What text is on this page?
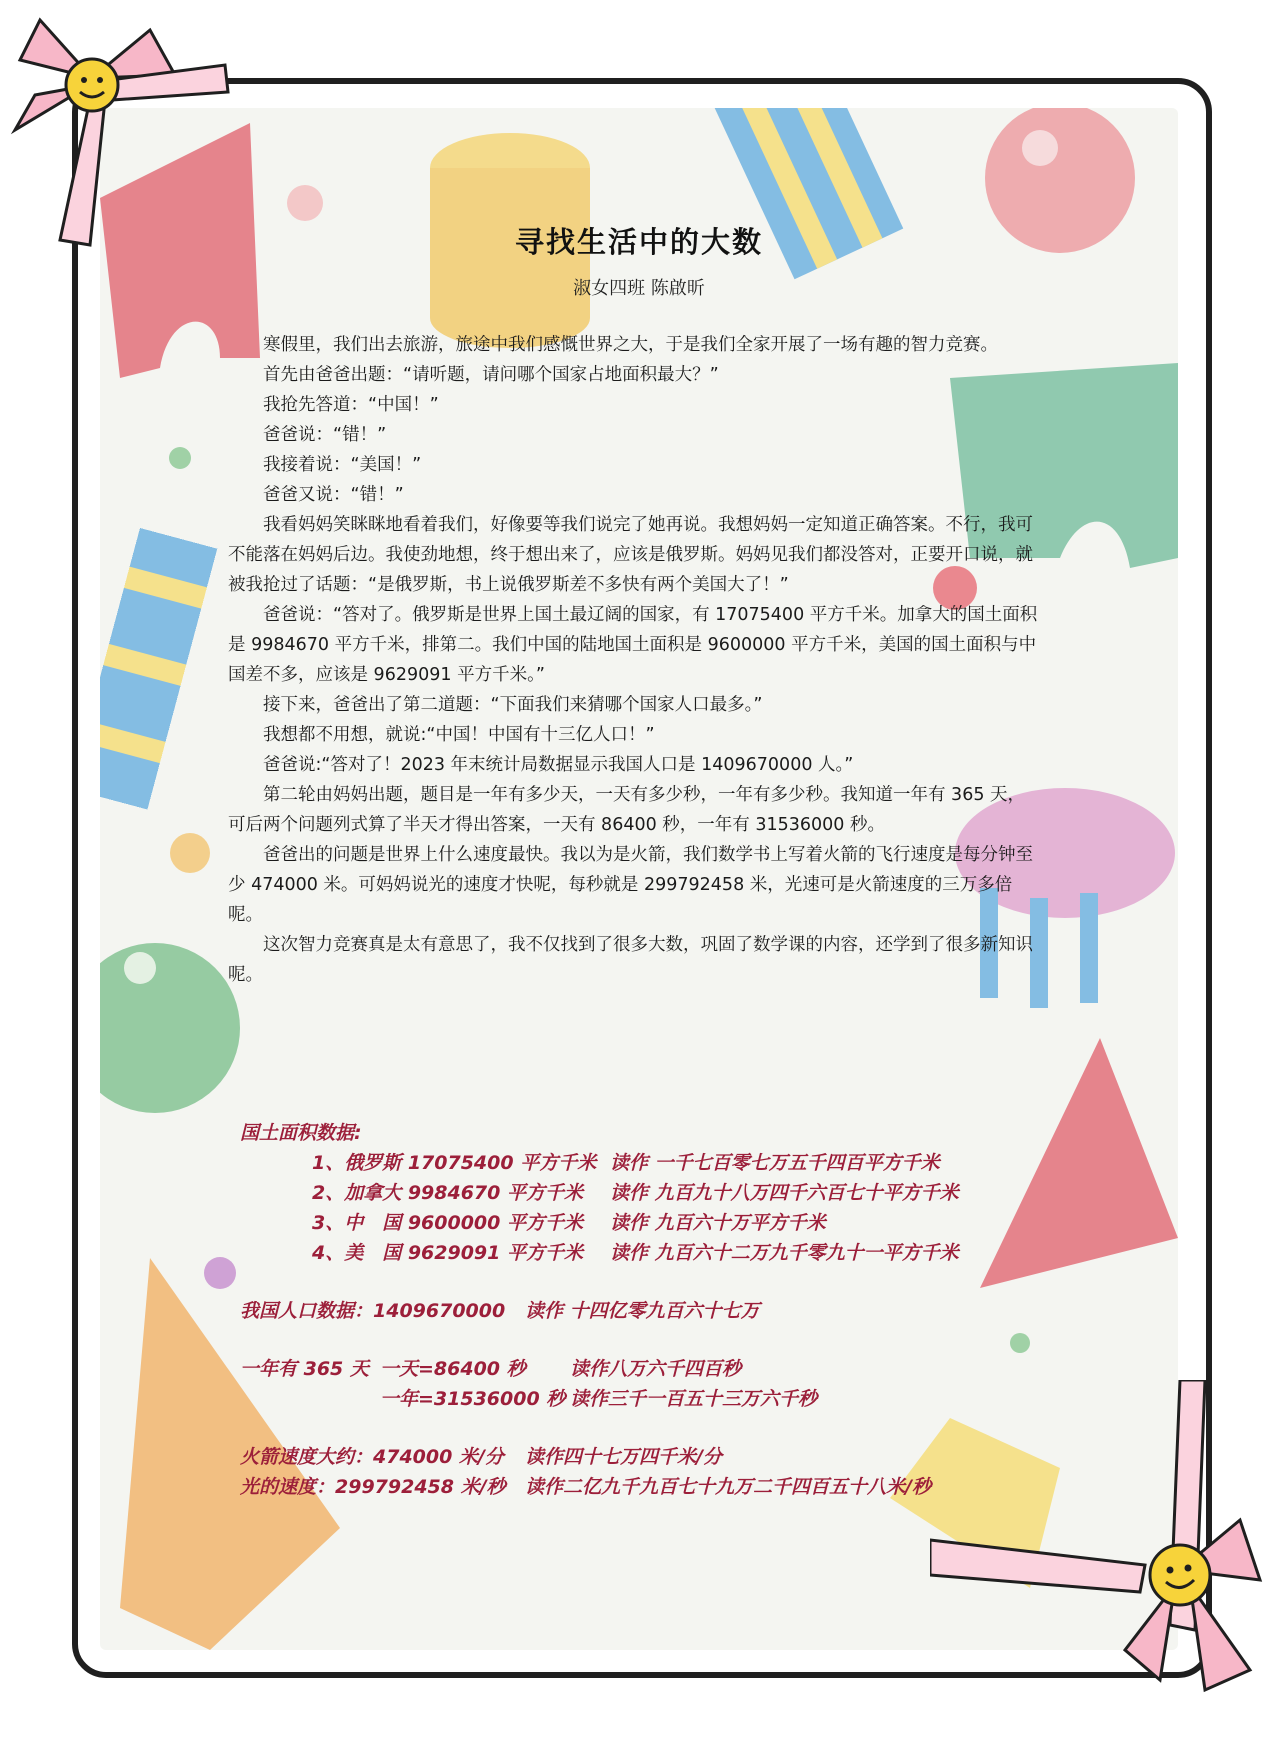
寻找生活中的大数
淑女四班 陈啟昕

寒假里，我们出去旅游，旅途中我们感慨世界之大，于是我们全家开展了一场有趣的智力竞赛。

首先由爸爸出题：“请听题，请问哪个国家占地面积最大？”

我抢先答道：“中国！”

爸爸说：“错！”

我接着说：“美国！”

爸爸又说：“错！”

我看妈妈笑眯眯地看着我们，好像要等我们说完了她再说。我想妈妈一定知道正确答案。不行，我可不能落在妈妈后边。我使劲地想，终于想出来了，应该是俄罗斯。妈妈见我们都没答对，正要开口说，就被我抢过了话题：“是俄罗斯，书上说俄罗斯差不多快有两个美国大了！”

爸爸说：“答对了。俄罗斯是世界上国土最辽阔的国家，有 17075400 平方千米。加拿大的国土面积是 9984670 平方千米，排第二。我们中国的陆地国土面积是 9600000 平方千米，美国的国土面积与中国差不多，应该是 9629091 平方千米。”

接下来，爸爸出了第二道题：“下面我们来猜哪个国家人口最多。”

我想都不用想，就说:“中国！中国有十三亿人口！”

爸爸说:“答对了！2023 年末统计局数据显示我国人口是 1409670000 人。”

第二轮由妈妈出题，题目是一年有多少天，一天有多少秒，一年有多少秒。我知道一年有 365 天，可后两个问题列式算了半天才得出答案，一天有 86400 秒，一年有 31536000 秒。

爸爸出的问题是世界上什么速度最快。我以为是火箭，我们数学书上写着火箭的飞行速度是每分钟至少 474000 米。可妈妈说光的速度才快呢，每秒就是 299792458 米，光速可是火箭速度的三万多倍呢。

这次智力竞赛真是太有意思了，我不仅找到了很多大数，巩固了数学课的内容，还学到了很多新知识呢。

国土面积数据:
1、俄罗斯 17075400 平方千米 读作 一千七百零七万五千四百平方千米
2、加拿大 9984670 平方千米 读作 九百九十八万四千六百七十平方千米
3、中　国 9600000 平方千米 读作 九百六十万平方千米
4、美　国 9629091 平方千米 读作 九百六十二万九千零九十一平方千米
我国人口数据：1409670000 读作 十四亿零九百六十七万
一年有 365 天 一天=86400 秒 读作八万六千四百秒
一年=31536000 秒 读作三千一百五十三万六千秒
火箭速度大约：474000 米/分 读作四十七万四千米/分
光的速度：299792458 米/秒 读作二亿九千九百七十九万二千四百五十八米/秒
